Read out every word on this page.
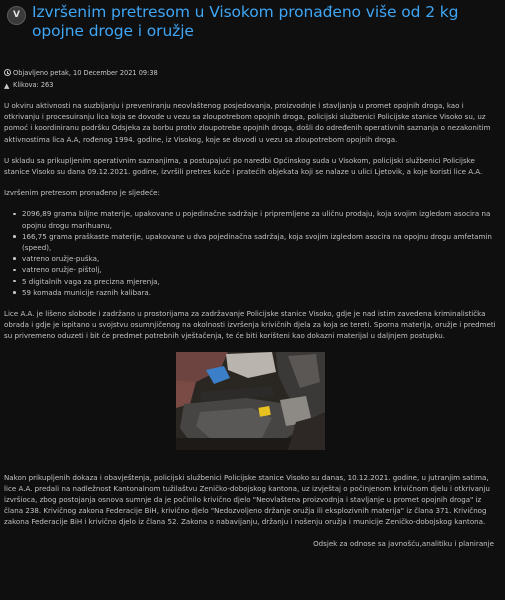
V Izvršenim pretresom u Visokom pronađeno više od 2 kg opojne droge i oružje
Objavljeno petak, 10 December 2021 09:38
▲ Klikova: 263

U okviru aktivnosti na suzbijanju i preveniranju neovlaštenog posjedovanja, proizvodnje i stavljanja u promet opojnih droga, kao i otkrivanju i procesuiranju lica koja se dovode u vezu sa zloupotrebom opojnih droga, policijski službenici Policijske stanice Visoko su, uz pomoć i koordiniranu podršku Odsjeka za borbu protiv zloupotrebe opojnih droga, došli do određenih operativnih saznanja o nezakonitim aktivnostima lica A.A, rođenog 1994. godine, iz Visokog, koje se dovodi u vezu sa zloupotrebom opojnih droga.

U skladu sa prikupljenim operativnim saznanjima, a postupajući po naredbi Općinskog suda u Visokom, policijski službenici Policijske stanice Visoko su dana 09.12.2021. godine, izvršili pretres kuće i pratećih objekata koji se nalaze u ulici Ljetovik, a koje koristi lice A.A.

Izvršenim pretresom pronađeno je sljedeće:

2096,89 grama biljne materije, upakovane u pojedinačne sadržaje i pripremljene za uličnu prodaju, koja svojim izgledom asocira na opojnu drogu marihuanu,
166,75 grama praškaste materije, upakovane u dva pojedinačna sadržaja, koja svojim izgledom asocira na opojnu drogu amfetamin (speed),
vatreno oružje-puška,
vatreno oružje- pištolj,
5 digitalnih vaga za precizna mjerenja,
59 komada municije raznih kalibara.

Lice A.A. je lišeno slobode i zadržano u prostorijama za zadržavanje Policijske stanice Visoko, gdje je nad istim zavedena kriminalistička obrada i gdje je ispitano u svojstvu osumnjičenog na okolnosti izvršenja krivičnih djela za koja se tereti. Sporna materija, oružje i predmeti su privremeno oduzeti i bit će predmet potrebnih vještačenja, te će biti korišteni kao dokazni materijal u daljnjem postupku.

Nakon prikupljenih dokaza i obavještenja, policijski službenici Policijske stanice Visoko su danas, 10.12.2021. godine, u jutranjim satima, lice A.A. predali na nadležnost Kantonalnom tužilaštvu Zeničko-dobojskog kantona, uz izvještaj o počinjenom krivičnom djelu i otkrivanju izvršioca, zbog postojanja osnova sumnje da je počinilo krivično djelo "Neovlaštena proizvodnja i stavljanje u promet opojnih droga" iz člana 238. Krivičnog zakona Federacije BiH, krivično djelo "Nedozvoljeno držanje oružja ili eksplozivnih materija" iz člana 371. Krivičnog zakona Federacije BiH i krivično djelo iz člana 52. Zakona o nabavijanju, držanju i nošenju oružja i municije Zeničko-dobojskog kantona.

Odsjek za odnose sa javnošću,analitiku i planiranje
